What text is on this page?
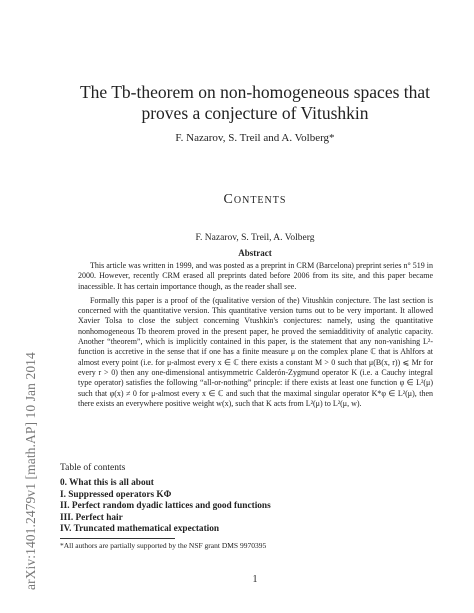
arXiv:1401.2479v1 [math.AP] 10 Jan 2014
The Tb-theorem on non-homogeneous spaces that
proves a conjecture of Vitushkin
F. Nazarov, S. Treil and A. Volberg*
Contents
F. Nazarov, S. Treil, A. Volberg
Abstract

This article was written in 1999, and was posted as a preprint in CRM (Barcelona) preprint series n° 519 in 2000. However, recently CRM erased all preprints dated before 2006 from its site, and this paper became inacessible. It has certain importance though, as the reader shall see.

Formally this paper is a proof of the (qualitative version of the) Vitushkin conjecture. The last section is concerned with the quantitative version. This quantitative version turns out to be very important. It allowed Xavier Tolsa to close the subject concerning Vtushkin's conjectures: namely, using the quantitative nonhomogeneous Tb theorem proved in the present paper, he proved the semiadditivity of analytic capacity. Another “theorem”, which is implicitly contained in this paper, is the statement that any non-vanishing L²-function is accretive in the sense that if one has a finite measure μ on the complex plane ℂ that is Ahlfors at almost every point (i.e. for μ-almost every x ∈ ℂ there exists a constant M > 0 such that μ(B(x, r)) ⩽ Mr for every r > 0) then any one-dimensional antisymmetric Calderón-Zygmund operator K (i.e. a Cauchy integral type operator) satisfies the following “all-or-nothing” princple: if there exists at least one function φ ∈ L²(μ) such that φ(x) ≠ 0 for μ-almost every x ∈ ℂ and such that the maximal singular operator K*φ ∈ L²(μ), then there exists an everywhere positive weight w(x), such that K acts from L²(μ) to L²(μ, w).

Table of contents
0. What this is all about
I. Suppressed operators KΦ
II. Perfect random dyadic lattices and good functions
III. Perfect hair
IV. Truncated mathematical expectation
*All authors are partially supported by the NSF grant DMS 9970395
1
